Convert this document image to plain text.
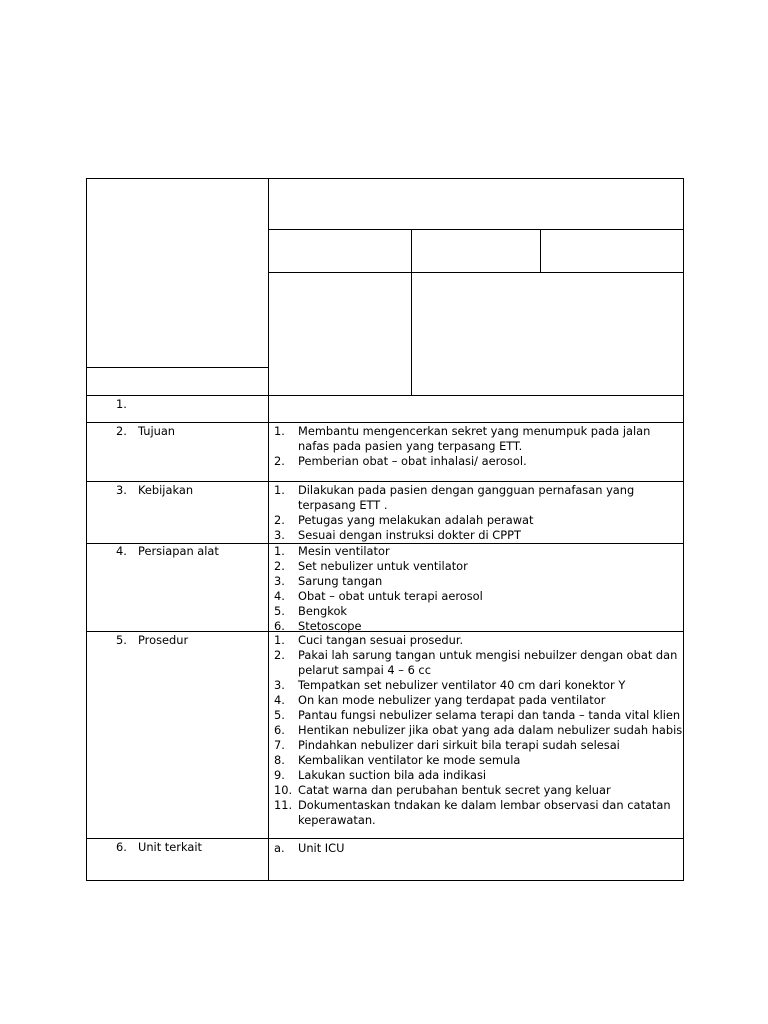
1.
2. Tujuan	1. Membantu mengencerkan sekret yang menumpuk pada jalan
nafas pada pasien yang terpasang ETT.
2. Pemberian obat – obat inhalasi/ aerosol.
3. Kebijakan	1. Dilakukan pada pasien dengan gangguan pernafasan yang
terpasang ETT .
2. Petugas yang melakukan adalah perawat
3. Sesuai dengan instruksi dokter di CPPT
4. Persiapan alat	1. Mesin ventilator
2. Set nebulizer untuk ventilator
3. Sarung tangan
4. Obat – obat untuk terapi aerosol
5. Bengkok
6. Stetoscope
5. Prosedur	1. Cuci tangan sesuai prosedur.
2. Pakai lah sarung tangan untuk mengisi nebuilzer dengan obat dan
pelarut sampai 4 – 6 cc
3. Tempatkan set nebulizer ventilator 40 cm dari konektor Y
4. On kan mode nebulizer yang terdapat pada ventilator
5. Pantau fungsi nebulizer selama terapi dan tanda – tanda vital klien
6. Hentikan nebulizer jika obat yang ada dalam nebulizer sudah habis
7. Pindahkan nebulizer dari sirkuit bila terapi sudah selesai
8. Kembalikan ventilator ke mode semula
9. Lakukan suction bila ada indikasi
10. Catat warna dan perubahan bentuk secret yang keluar
11. Dokumentaskan tndakan ke dalam lembar observasi dan catatan
keperawatan.
6. Unit terkait	a. Unit ICU
